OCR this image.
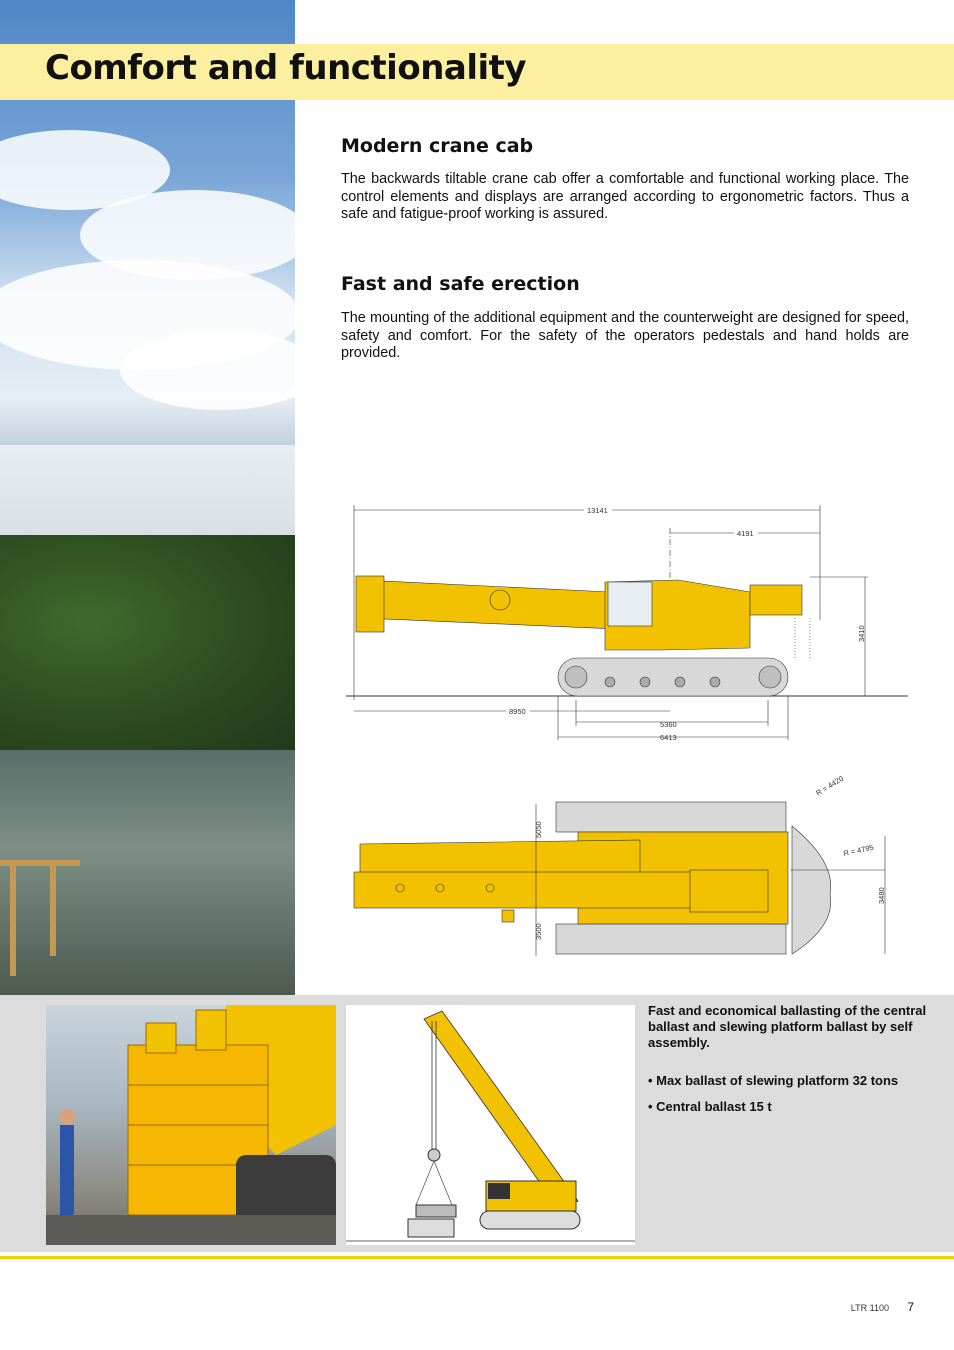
Comfort and functionality
Modern crane cab

The backwards tiltable crane cab offer a comfortable and functional working place. The control elements and displays are arranged according to ergonometric factors. Thus a safe and fatigue-proof working is assured.

Fast and safe erection

The mounting of the additional equipment and the counterweight are designed for speed, safety and comfort. For the safety of the operators pedestals and hand holds are provided.

13141
4191
3410
8950
5360
6413
R = 4420
R = 4795
5050
3500
3480

Fast and economical ballasting of the central ballast and slewing platform ballast by self assembly.

• Max ballast of slewing platform 32 tons

• Central ballast 15 t

LTR 1100 7
